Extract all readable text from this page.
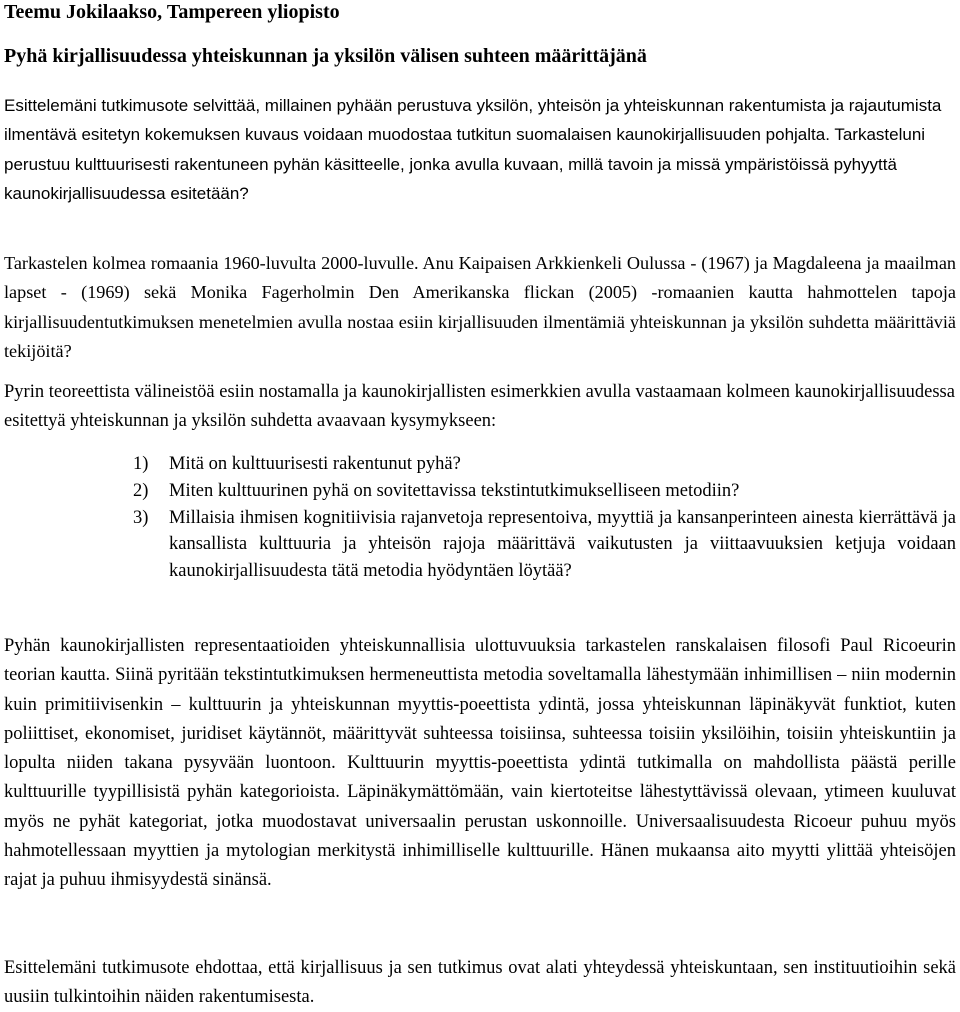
Teemu Jokilaakso, Tampereen yliopisto

Pyhä kirjallisuudessa yhteiskunnan ja yksilön välisen suhteen määrittäjänä

Esittelemäni tutkimusote selvittää, millainen pyhään perustuva yksilön, yhteisön ja yhteiskunnan rakentumista ja rajautumista ilmentävä esitetyn kokemuksen kuvaus voidaan muodostaa tutkitun suomalaisen kaunokirjallisuuden pohjalta. Tarkasteluni perustuu kulttuurisesti rakentuneen pyhän käsitteelle, jonka avulla kuvaan, millä tavoin ja missä ympäristöissä pyhyyttä kaunokirjallisuudessa esitetään?

Tarkastelen kolmea romaania 1960-luvulta 2000-luvulle. Anu Kaipaisen Arkkienkeli Oulussa - (1967) ja Magdaleena ja maailman lapset - (1969) sekä Monika Fagerholmin Den Amerikanska flickan (2005) -romaanien kautta hahmottelen tapoja kirjallisuudentutkimuksen menetelmien avulla nostaa esiin kirjallisuuden ilmentämiä yhteiskunnan ja yksilön suhdetta määrittäviä tekijöitä?

Pyrin teoreettista välineistöä esiin nostamalla ja kaunokirjallisten esimerkkien avulla vastaamaan kolmeen kaunokirjallisuudessa esitettyä yhteiskunnan ja yksilön suhdetta avaavaan kysymykseen:

1) Mitä on kulttuurisesti rakentunut pyhä?
2) Miten kulttuurinen pyhä on sovitettavissa tekstintutkimukselliseen metodiin?
3) Millaisia ihmisen kognitiivisia rajanvetoja representoiva, myyttiä ja kansanperinteen ainesta kierrättävä ja kansallista kulttuuria ja yhteisön rajoja määrittävä vaikutusten ja viittaavuuksien ketjuja voidaan kaunokirjallisuudesta tätä metodia hyödyntäen löytää?

Pyhän kaunokirjallisten representaatioiden yhteiskunnallisia ulottuvuuksia tarkastelen ranskalaisen filosofi Paul Ricoeurin teorian kautta. Siinä pyritään tekstintutkimuksen hermeneuttista metodia soveltamalla lähestymään inhimillisen – niin modernin kuin primitiivisenkin – kulttuurin ja yhteiskunnan myyttis-poeettista ydintä, jossa yhteiskunnan läpinäkyvät funktiot, kuten poliittiset, ekonomiset, juridiset käytännöt, määrittyvät suhteessa toisiinsa, suhteessa toisiin yksilöihin, toisiin yhteiskuntiin ja lopulta niiden takana pysyvään luontoon. Kulttuurin myyttis-poeettista ydintä tutkimalla on mahdollista päästä perille kulttuurille tyypillisistä pyhän kategorioista. Läpinäkymättömään, vain kiertoteitse lähestyttävissä olevaan, ytimeen kuuluvat myös ne pyhät kategoriat, jotka muodostavat universaalin perustan uskonnoille. Universaalisuudesta Ricoeur puhuu myös hahmotellessaan myyttien ja mytologian merkitystä inhimilliselle kulttuurille. Hänen mukaansa aito myytti ylittää yhteisöjen rajat ja puhuu ihmisyydestä sinänsä.

Esittelemäni tutkimusote ehdottaa, että kirjallisuus ja sen tutkimus ovat alati yhteydessä yhteiskuntaan, sen instituutioihin sekä uusiin tulkintoihin näiden rakentumisesta.
